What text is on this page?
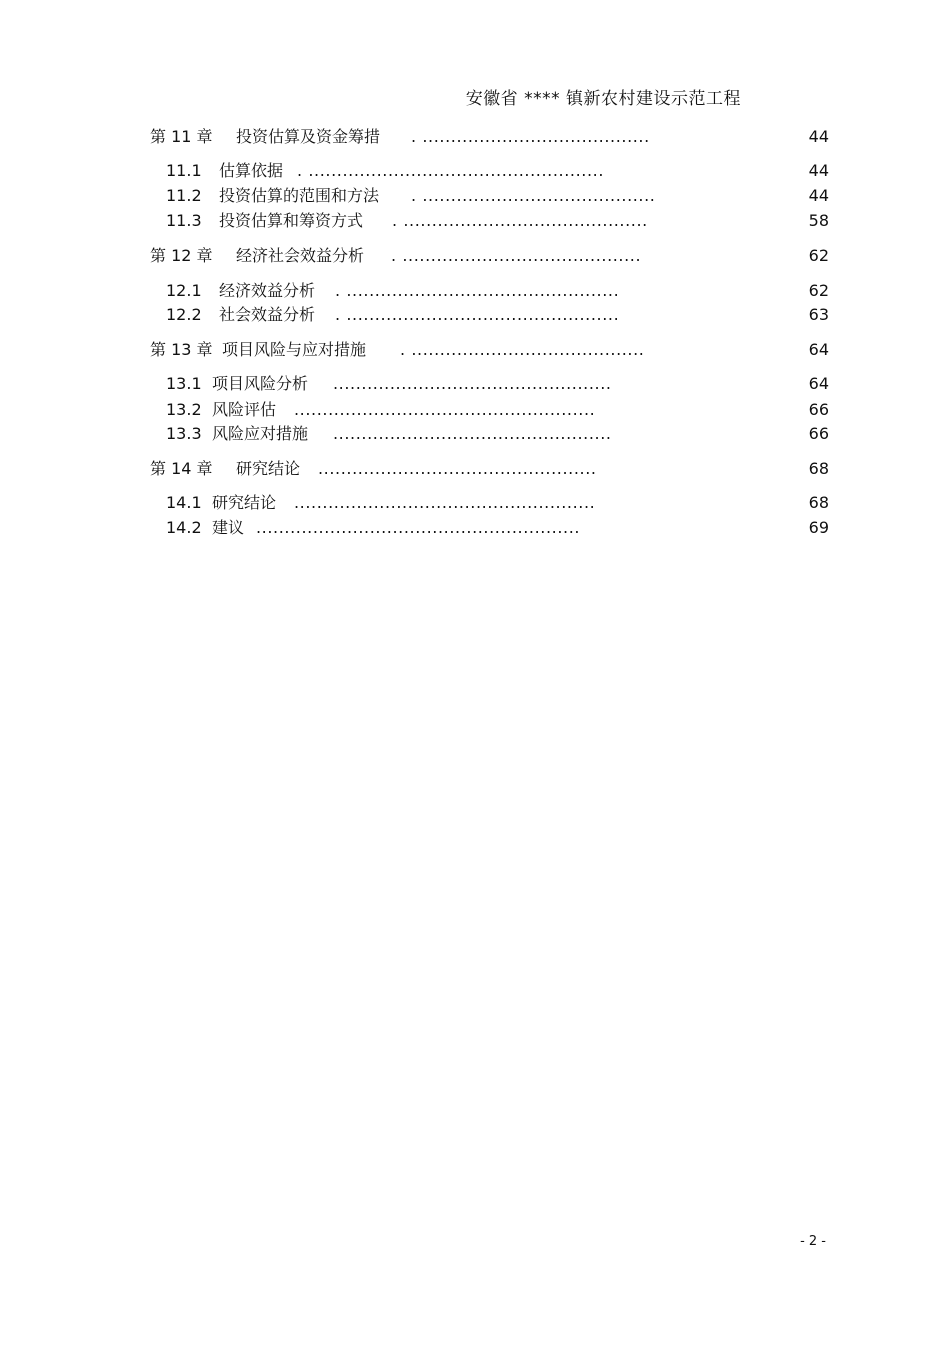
安徽省 **** 镇新农村建设示范工程
第 11 章 投资估算及资金筹措 . ........................................	44
11.1 估算依据 . ....................................................	44
11.2 投资估算的范围和方法 . .........................................	44
11.3 投资估算和筹资方式 . ...........................................	58
第 12 章 经济社会效益分析 . ..........................................	62
12.1 经济效益分析 . ................................................	62
12.2 社会效益分析 . ................................................	63
第 13 章 项目风险与应对措施 . .........................................	64
13.1 项目风险分析 .................................................	64
13.2 风险评估 .....................................................	66
13.3 风险应对措施 .................................................	66
第 14 章 研究结论 .................................................	68
14.1 研究结论 .....................................................	68
14.2 建议 .........................................................	69
- 2 -
